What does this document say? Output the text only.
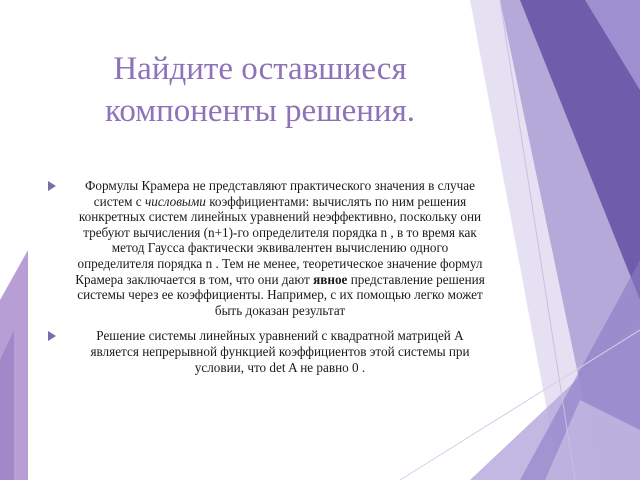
Найдите оставшиеся
компоненты решения.
Формулы Крамера не представляют практического значения в случае систем с числовыми коэффициентами: вычислять по ним решения конкретных систем линейных уравнений неэффективно, поскольку они требуют вычисления (n+1)-го определителя порядка n , в то время как метод Гаусса фактически эквивалентен вычислению одного определителя порядка n . Тем не менее, теоретическое значение формул Крамера заключается в том, что они дают явное представление решения системы через ее коэффициенты. Например, с их помощью легко может быть доказан результат
Решение системы линейных уравнений с квадратной матрицей А является непрерывной функцией коэффициентов этой системы при условии, что det A не равно 0 .
